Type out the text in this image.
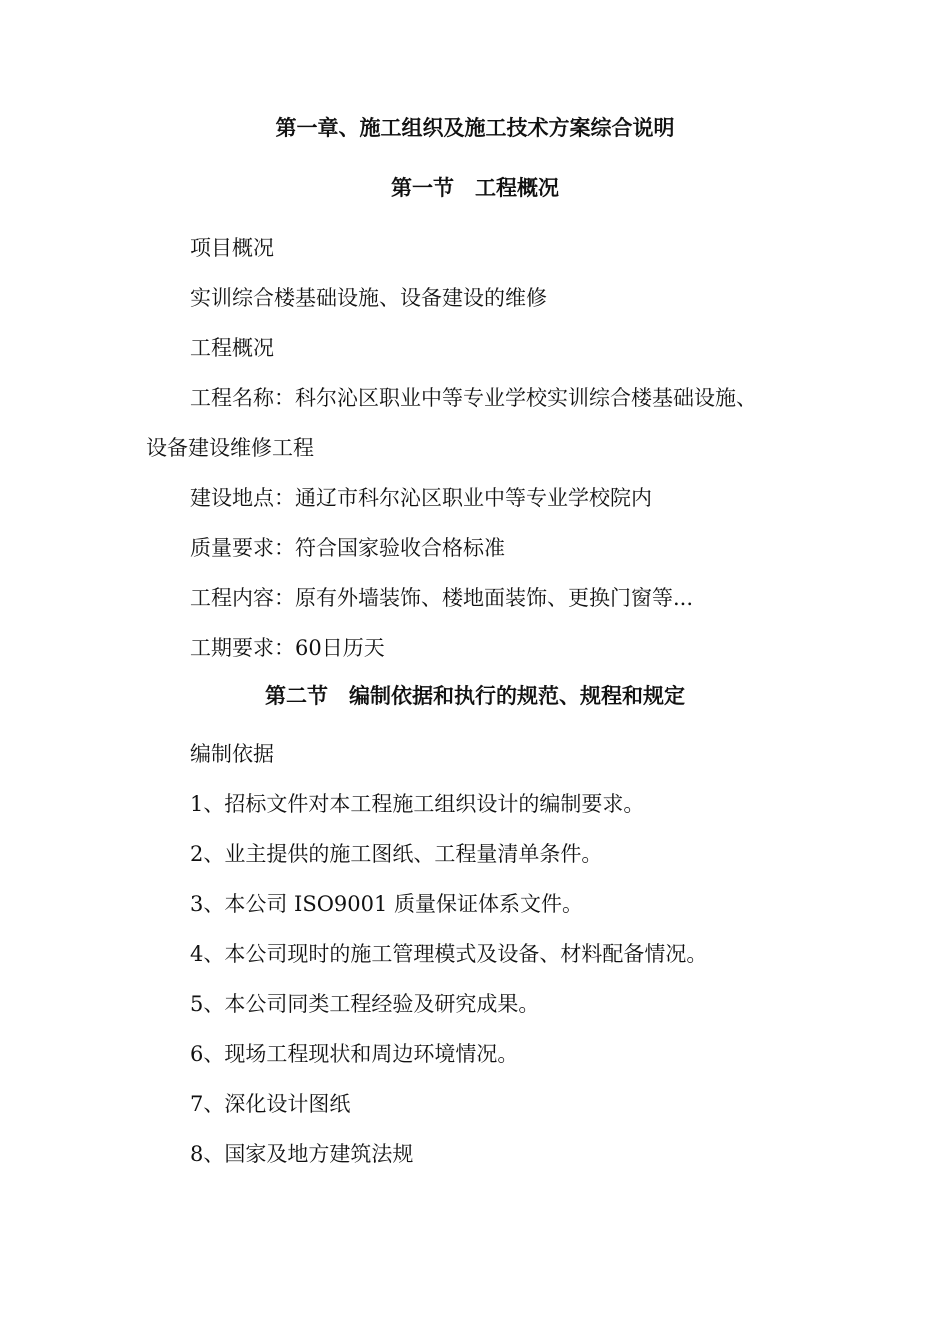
第一章、施工组织及施工技术方案综合说明
第一节　工程概况
项目概况
实训综合楼基础设施、设备建设的维修
工程概况
工程名称：科尔沁区职业中等专业学校实训综合楼基础设施、
设备建设维修工程
建设地点：通辽市科尔沁区职业中等专业学校院内
质量要求：符合国家验收合格标准
工程内容：原有外墙装饰、楼地面装饰、更换门窗等...
工期要求：60日历天
第二节　编制依据和执行的规范、规程和规定
编制依据
1、招标文件对本工程施工组织设计的编制要求。
2、业主提供的施工图纸、工程量清单条件。
3、本公司 ISO9001 质量保证体系文件。
4、本公司现时的施工管理模式及设备、材料配备情况。
5、本公司同类工程经验及研究成果。
6、现场工程现状和周边环境情况。
7、深化设计图纸
8、国家及地方建筑法规
